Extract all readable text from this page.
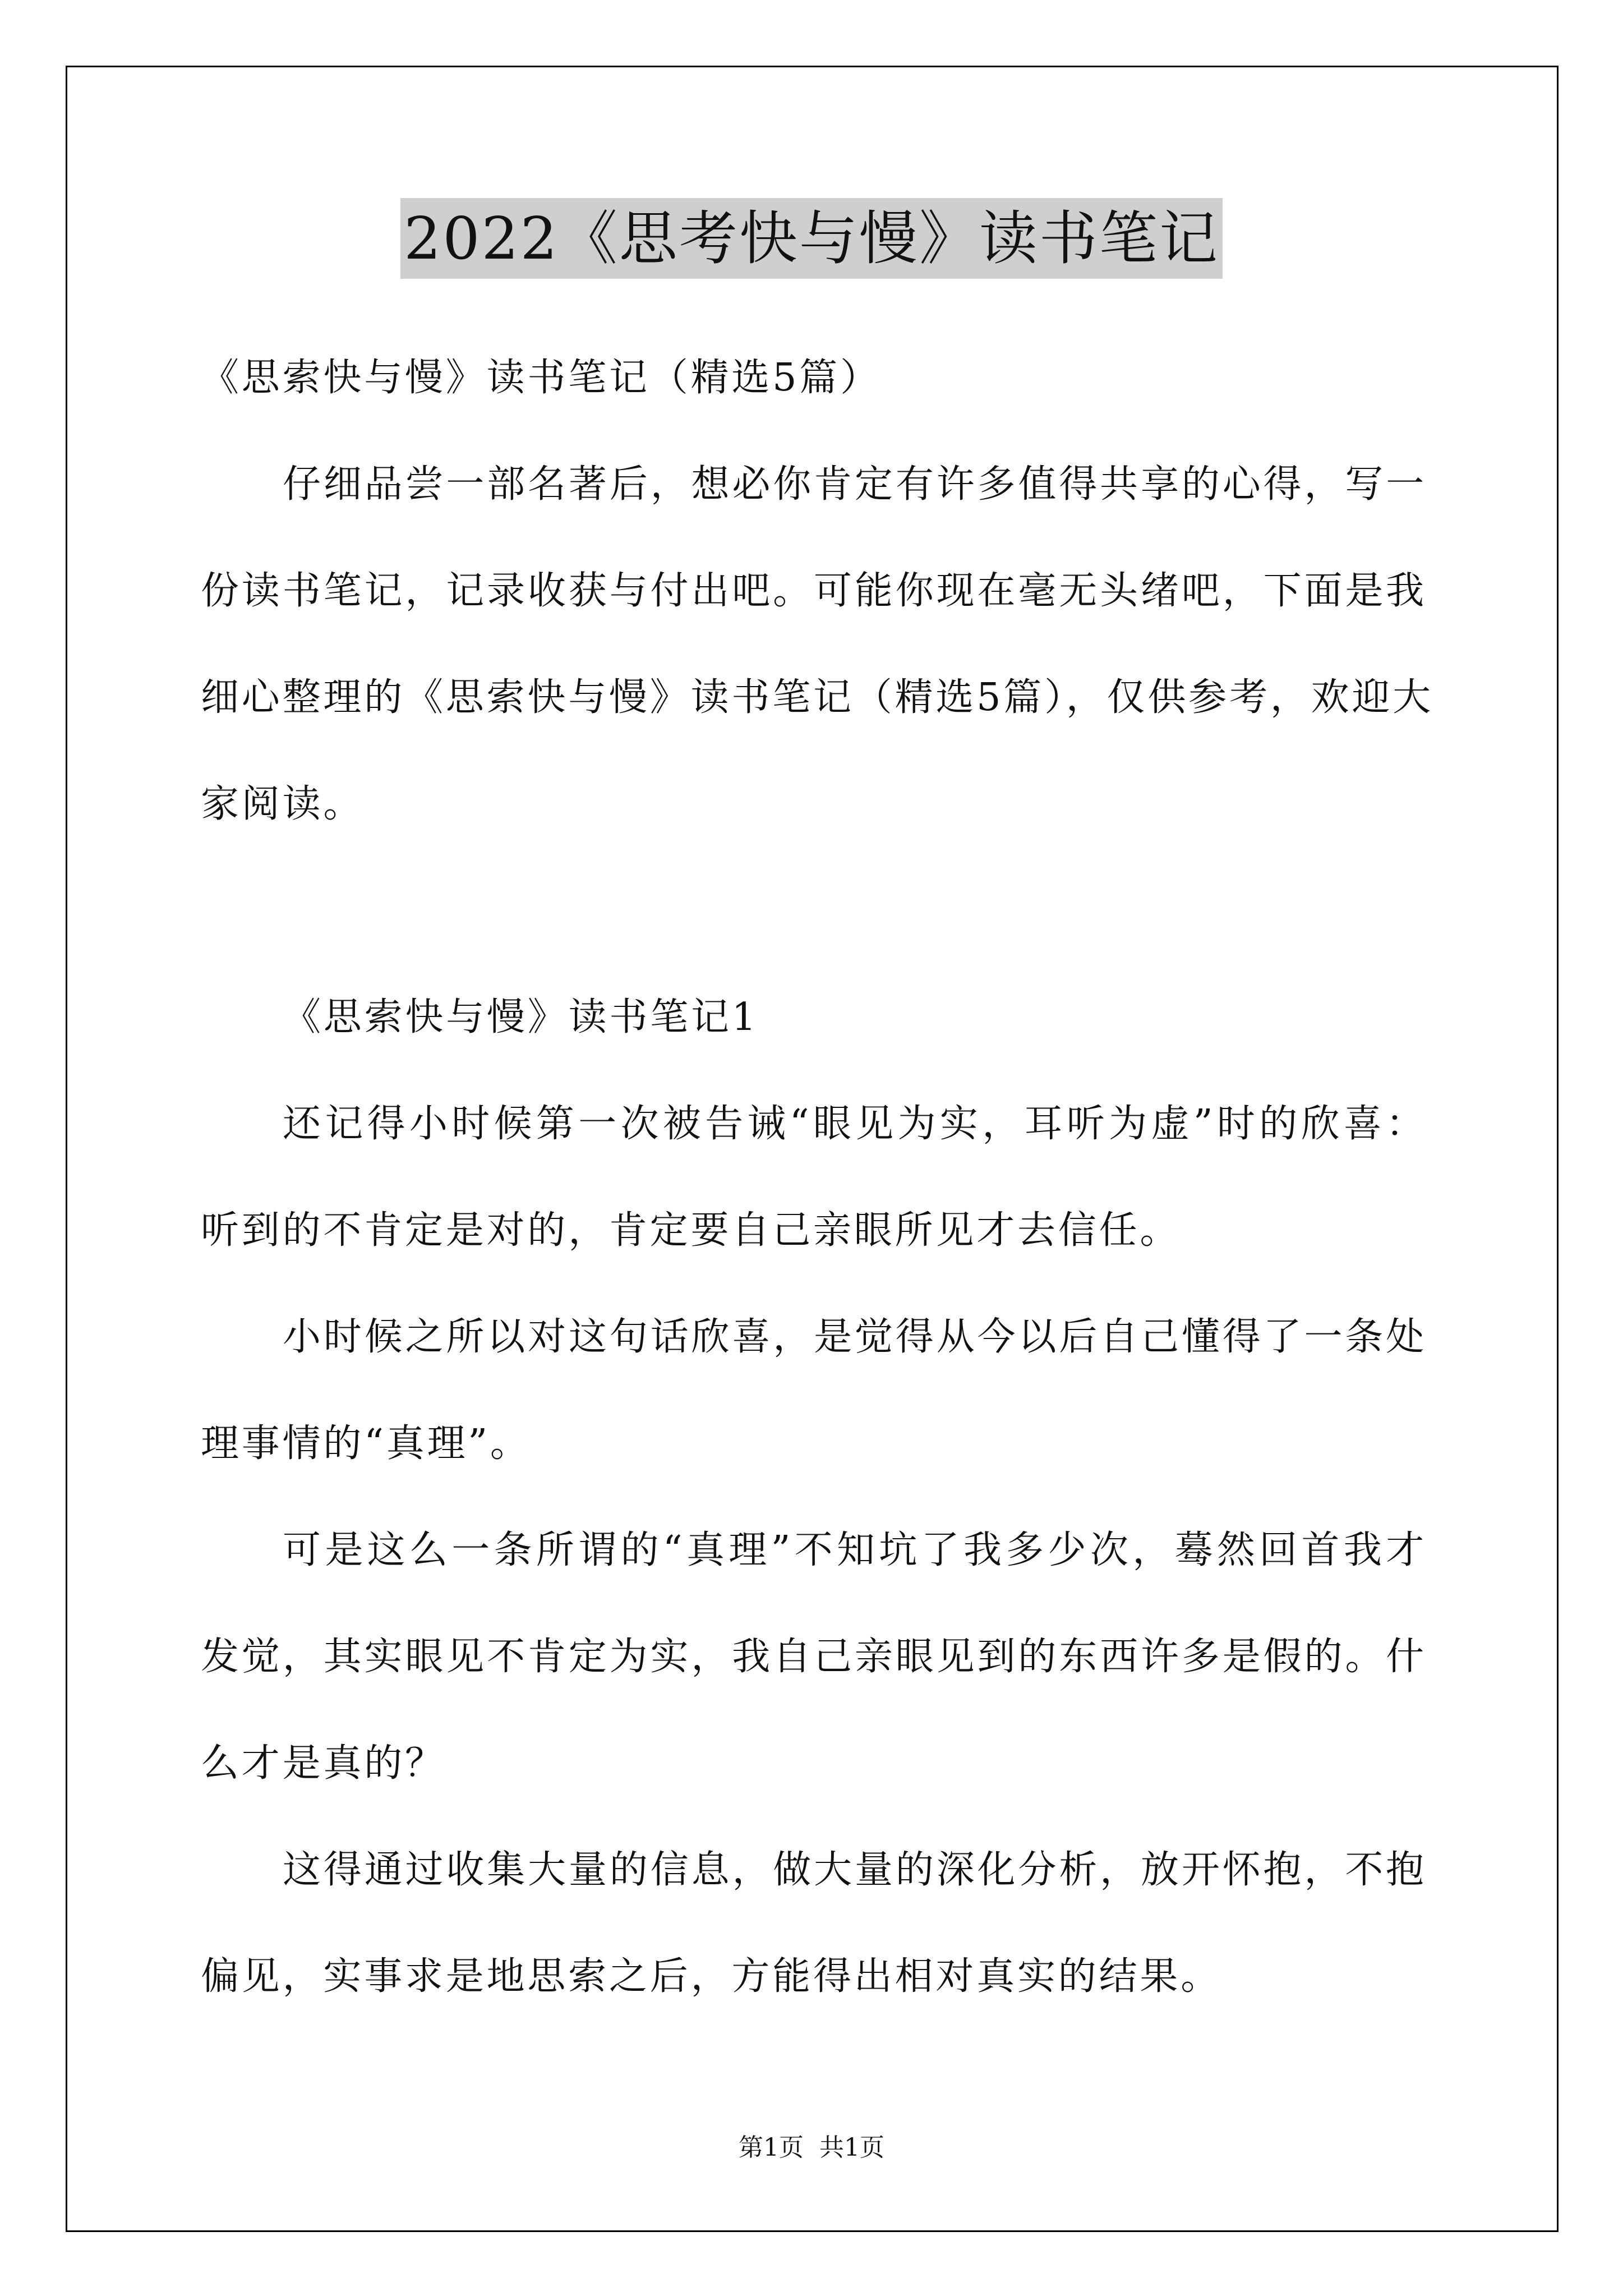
2022《思考快与慢》读书笔记
《思索快与慢》读书笔记（精选5篇）
仔细品尝一部名著后，想必你肯定有许多值得共享的心得，写一
份读书笔记，记录收获与付出吧。可能你现在毫无头绪吧，下面是我
细心整理的《思索快与慢》读书笔记（精选5篇），仅供参考，欢迎大
家阅读。
《思索快与慢》读书笔记1
还记得小时候第一次被告诫“眼见为实，耳听为虚”时的欣喜：
听到的不肯定是对的，肯定要自己亲眼所见才去信任。
小时候之所以对这句话欣喜，是觉得从今以后自己懂得了一条处
理事情的“真理”。
可是这么一条所谓的“真理”不知坑了我多少次，蓦然回首我才
发觉，其实眼见不肯定为实，我自己亲眼见到的东西许多是假的。什
么才是真的？
这得通过收集大量的信息，做大量的深化分析，放开怀抱，不抱
偏见，实事求是地思索之后，方能得出相对真实的结果。
第1页  共1页
